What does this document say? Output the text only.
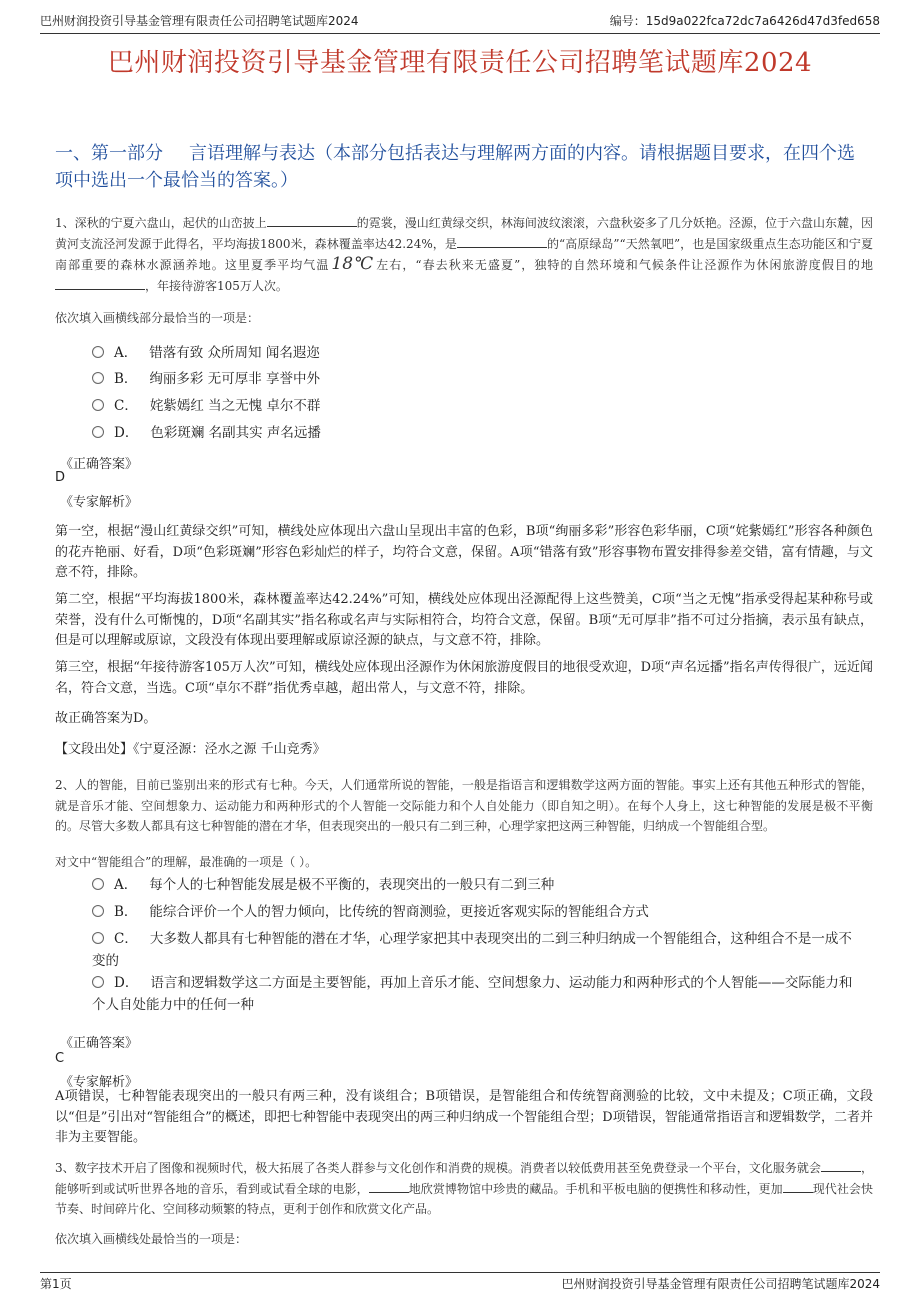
巴州财润投资引导基金管理有限责任公司招聘笔试题库2024	编号：15d9a022fca72dc7a6426d47d3fed658
巴州财润投资引导基金管理有限责任公司招聘笔试题库2024
一、第一部分 言语理解与表达（本部分包括表达与理解两方面的内容。请根据题目要求，在四个选项中选出一个最恰当的答案。）
1、深秋的宁夏六盘山，起伏的山峦披上	的霓裳，漫山红黄绿交织，林海间波纹滚滚，六盘秋姿多了几分妖艳。泾源，位于六盘山东麓，因黄河支流泾河发源于此得名，平均海拔1800米，森林覆盖率达42.24%，是	的“高原绿岛”“天然氧吧”，也是国家级重点生态功能区和宁夏南部重要的森林水源涵养地。这里夏季平均气温 18℃ 左右，“春去秋来无盛夏”，独特的自然环境和气候条件让泾源作为休闲旅游度假目的地，年接待游客105万人次。
依次填入画横线部分最恰当的一项是：
A． 错落有致 众所周知 闻名遐迩
B． 绚丽多彩 无可厚非 享誉中外
C． 姹紫嫣红 当之无愧 卓尔不群
D． 色彩斑斓 名副其实 声名远播
《正确答案》
D
《专家解析》
第一空，根据“漫山红黄绿交织”可知，横线处应体现出六盘山呈现出丰富的色彩，B项“绚丽多彩”形容色彩华丽，C项“姹紫嫣红”形容各种颜色的花卉艳丽、好看，D项“色彩斑斓”形容色彩灿烂的样子，均符合文意，保留。A项“错落有致”形容事物布置安排得参差交错，富有情趣，与文意不符，排除。
第二空，根据“平均海拔1800米，森林覆盖率达42.24%”可知，横线处应体现出泾源配得上这些赞美，C项“当之无愧”指承受得起某种称号或荣誉，没有什么可惭愧的，D项“名副其实”指名称或名声与实际相符合，均符合文意，保留。B项“无可厚非”指不可过分指摘，表示虽有缺点，但是可以理解或原谅，文段没有体现出要理解或原谅泾源的缺点，与文意不符，排除。
第三空，根据“年接待游客105万人次”可知，横线处应体现出泾源作为休闲旅游度假目的地很受欢迎，D项“声名远播”指名声传得很广，远近闻名，符合文意，当选。C项“卓尔不群”指优秀卓越，超出常人，与文意不符，排除。
故正确答案为D。
【文段出处】《宁夏泾源：泾水之源 千山竞秀》
2、人的智能，目前已鉴别出来的形式有七种。今天，人们通常所说的智能，一般是指语言和逻辑数学这两方面的智能。事实上还有其他五种形式的智能，就是音乐才能、空间想象力、运动能力和两种形式的个人智能一交际能力和个人自处能力（即自知之明）。在每个人身上，这七种智能的发展是极不平衡的。尽管大多数人都具有这七种智能的潜在才华，但表现突出的一般只有二到三种，心理学家把这两三种智能，归纳成一个智能组合型。
对文中“智能组合”的理解，最准确的一项是（ ）。
A． 每个人的七种智能发展是极不平衡的，表现突出的一般只有二到三种
B． 能综合评价一个人的智力倾向，比传统的智商测验，更接近客观实际的智能组合方式
C． 大多数人都具有七种智能的潜在才华，心理学家把其中表现突出的二到三种归纳成一个智能组合，这种组合不是一成不变的
D． 语言和逻辑数学这二方面是主要智能，再加上音乐才能、空间想象力、运动能力和两种形式的个人智能——交际能力和个人自处能力中的任何一种
《正确答案》
C
《专家解析》
A项错误，七种智能表现突出的一般只有两三种，没有谈组合；B项错误，是智能组合和传统智商测验的比较，文中未提及；C项正确，文段以“但是”引出对“智能组合”的概述，即把七种智能中表现突出的两三种归纳成一个智能组合型；D项错误，智能通常指语言和逻辑数学，二者并非为主要智能。
3、数字技术开启了图像和视频时代，极大拓展了各类人群参与文化创作和消费的规模。消费者以较低费用甚至免费登录一个平台，文化服务就会	，能够听到或试听世界各地的音乐，看到或试看全球的电影，	地欣赏博物馆中珍贵的藏品。手机和平板电脑的便携性和移动性，更加	现代社会快节奏、时间碎片化、空间移动频繁的特点，更利于创作和欣赏文化产品。
依次填入画横线处最恰当的一项是：
第1页	巴州财润投资引导基金管理有限责任公司招聘笔试题库2024
